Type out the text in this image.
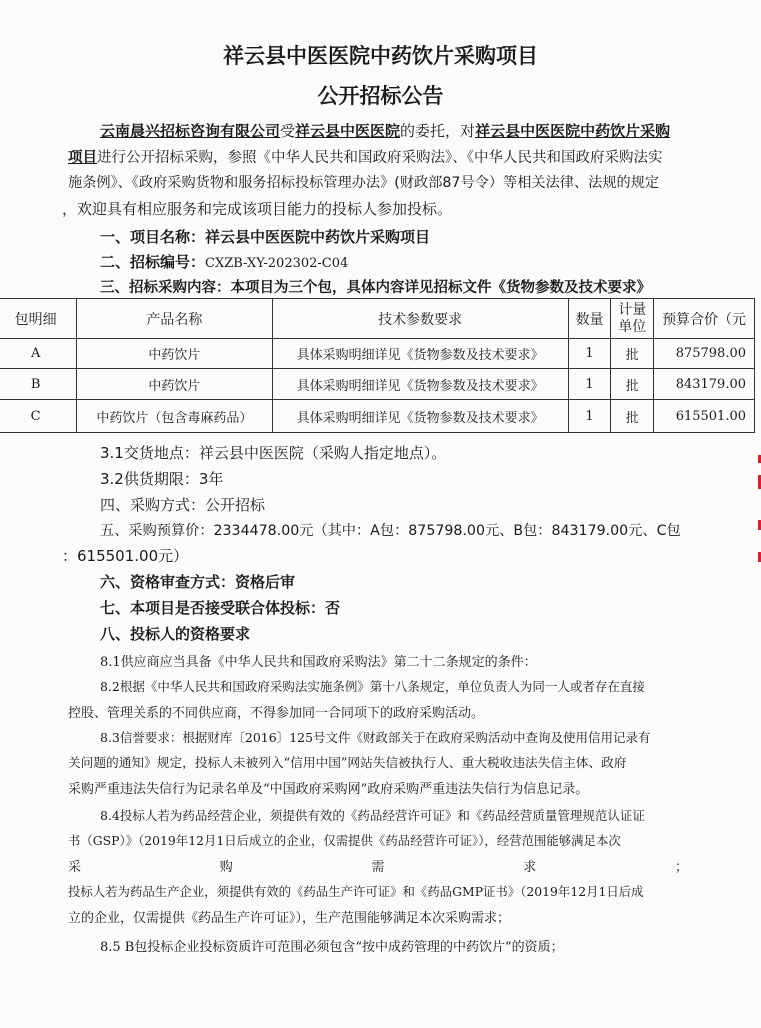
祥云县中医医院中药饮片采购项目
公开招标公告
云南晨兴招标咨询有限公司受祥云县中医医院的委托，对祥云县中医医院中药饮片采购
项目进行公开招标采购，参照《中华人民共和国政府采购法》、《中华人民共和国政府采购法实
施条例》、《政府采购货物和服务招标投标管理办法》(财政部87号令）等相关法律、法规的规定
，欢迎具有相应服务和完成该项目能力的投标人参加投标。
一、项目名称：祥云县中医医院中药饮片采购项目
二、招标编号：CXZB-XY-202302-C04
三、招标采购内容：本项目为三个包，具体内容详见招标文件《货物参数及技术要求》
包明细	产品名称	技术参数要求	数量	计量单位	预算合价（元
A	中药饮片	具体采购明细详见《货物参数及技术要求》	1	批	875798.00
B	中药饮片	具体采购明细详见《货物参数及技术要求》	1	批	843179.00
C	中药饮片（包含毒麻药品）	具体采购明细详见《货物参数及技术要求》	1	批	615501.00
3.1交货地点：祥云县中医医院（采购人指定地点）。
3.2供货期限：3年
四、采购方式：公开招标
五、采购预算价：2334478.00元（其中：A包：875798.00元、B包：843179.00元、C包
：615501.00元）
六、资格审查方式：资格后审
七、本项目是否接受联合体投标：否
八、投标人的资格要求
8.1供应商应当具备《中华人民共和国政府采购法》第二十二条规定的条件：
8.2根据《中华人民共和国政府采购法实施条例》第十八条规定，单位负责人为同一人或者存在直接
控股、管理关系的不同供应商，不得参加同一合同项下的政府采购活动。
8.3信誉要求：根据财库〔2016〕125号文件《财政部关于在政府采购活动中查询及使用信用记录有
关问题的通知》规定，投标人未被列入“信用中国”网站失信被执行人、重大税收违法失信主体、政府
采购严重违法失信行为记录名单及“中国政府采购网”政府采购严重违法失信行为信息记录。
8.4投标人若为药品经营企业，须提供有效的《药品经营许可证》和《药品经营质量管理规范认证证
书（GSP）》（2019年12月1日后成立的企业，仅需提供《药品经营许可证》），经营范围能够满足本次
采	购	需	求	；
投标人若为药品生产企业，须提供有效的《药品生产许可证》和《药品GMP证书》（2019年12月1日后成
立的企业，仅需提供《药品生产许可证》），生产范围能够满足本次采购需求；
8.5 B包投标企业投标资质许可范围必须包含“按中成药管理的中药饮片”的资质；
